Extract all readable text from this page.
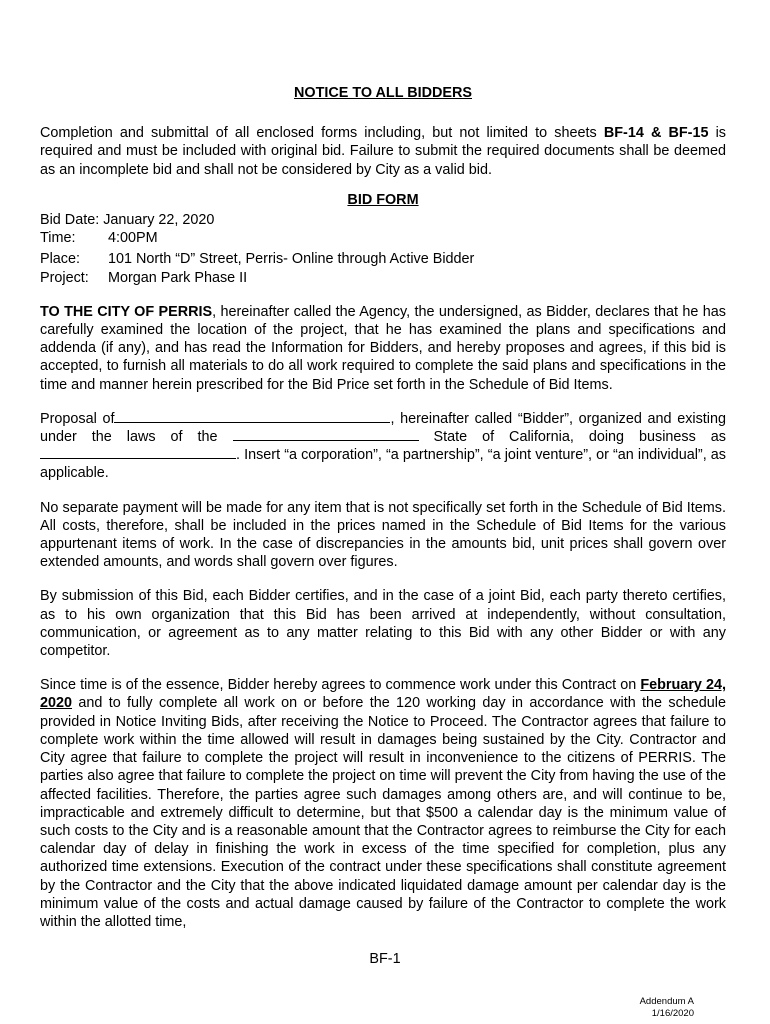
NOTICE TO ALL BIDDERS

Completion and submittal of all enclosed forms including, but not limited to sheets BF-14 & BF-15 is required and must be included with original bid. Failure to submit the required documents shall be deemed as an incomplete bid and shall not be considered by City as a valid bid.

BID FORM

Bid Date:
January 22, 2020
Time:	4:00PM
Place:	101 North “D” Street, Perris- Online through Active Bidder
Project:	Morgan Park Phase II

TO THE CITY OF PERRIS, hereinafter called the Agency, the undersigned, as Bidder, declares that he has carefully examined the location of the project, that he has examined the plans and specifications and addenda (if any), and has read the Information for Bidders, and hereby proposes and agrees, if this bid is accepted, to furnish all materials to do all work required to complete the said plans and specifications in the time and manner herein prescribed for the Bid Price set forth in the Schedule of Bid Items.

Proposal of	, hereinafter called “Bidder”, organized and existing under the laws of the	State of California, doing business as . Insert “a corporation”, “a partnership”, “a joint venture”, or “an individual”, as applicable.

No separate payment will be made for any item that is not specifically set forth in the Schedule of Bid Items. All costs, therefore, shall be included in the prices named in the Schedule of Bid Items for the various appurtenant items of work. In the case of discrepancies in the amounts bid, unit prices shall govern over extended amounts, and words shall govern over figures.

By submission of this Bid, each Bidder certifies, and in the case of a joint Bid, each party thereto certifies, as to his own organization that this Bid has been arrived at independently, without consultation, communication, or agreement as to any matter relating to this Bid with any other Bidder or with any competitor.

Since time is of the essence, Bidder hereby agrees to commence work under this Contract on February 24, 2020 and to fully complete all work on or before the 120 working day in accordance with the schedule provided in Notice Inviting Bids, after receiving the Notice to Proceed. The Contractor agrees that failure to complete work within the time allowed will result in damages being sustained by the City. Contractor and City agree that failure to complete the project will result in inconvenience to the citizens of PERRIS. The parties also agree that failure to complete the project on time will prevent the City from having the use of the affected facilities. Therefore, the parties agree such damages among others are, and will continue to be, impracticable and extremely difficult to determine, but that $500 a calendar day is the minimum value of such costs to the City and is a reasonable amount that the Contractor agrees to reimburse the City for each calendar day of delay in finishing the work in excess of the time specified for completion, plus any authorized time extensions. Execution of the contract under these specifications shall constitute agreement by the Contractor and the City that the above indicated liquidated damage amount per calendar day is the minimum value of the costs and actual damage caused by failure of the Contractor to complete the work within the allotted time,

BF-1
Addendum A
1/16/2020
